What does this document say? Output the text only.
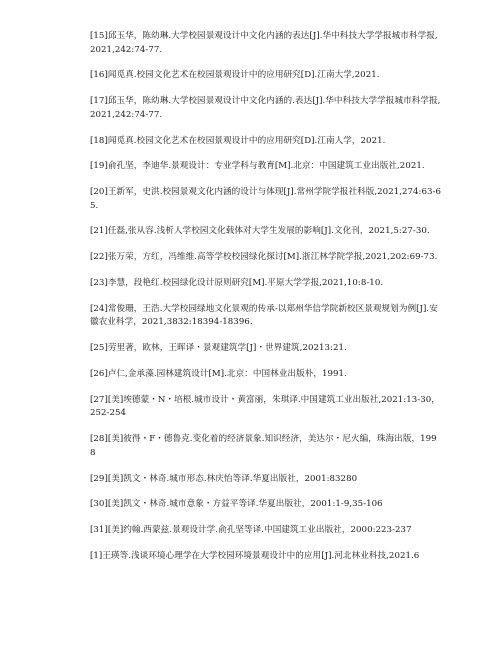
[15]邱玉华，陈幼琳.大学校园景观设计中文化内涵的表达[J].华中科技大学学报城市科学报,2021,242:74-77.

[16]闻觅真.校园文化艺术在校园景观设计中的应用研究[D].江南大学,2021.

[17]邱玉华，陈幼琳.大学校园景观设计中文化内涵的.表达[J].华中科技大学学报城市科学报,2021,242:74-77.

[18]闻觅真.校园文化艺术在校园景观设计中的应用研究[D].江南人学，2021.

[19]俞孔坚，李迪华.景观设计：专业学科与教育[M].北京：中国建筑工业出版社,2021.

[20]王新军，史洪.校园景观文化内涵的设计与体现[J].常州学院学报社科版,2021,274:63-65.

[21]任磊,张从容.浅析人学校园文化载体对大学生发展的影响[J].文化刊，2021,5:27-30.

[22]张万荣，方红，冯维维.高等学校校园绿化探讨[M].浙江林学院学报,2021,202:69-73.

[23]李慧，段艳红.校园绿化设计原则研究[M].平原大学学报,2021,10:8-10.

[24]常俊珊，王浩.大学校园绿地文化景观的传承-以郑州华信学院新校区景观规划为例[J].安徽农业科学，2021,3832:18394-18396.

[25]劳里著，欧林，王晖译・景观建筑学[J]・世界建筑,20213:21.

[26]卢仁,金承藻.园林建筑设计[M].北京：中国林业出版朴，1991.

[27][美]埃德蒙・N・培根.城市设计・黄富丽，朱琪译.中国建筑工业出版社,2021:13-30，252-254

[28][美]彼得・F・德鲁克.变化着的经济景象.知识经济，美达尔・尼火编，珠海出版，1998

[29][美]凯文・林奇.城市形态.林庆怡等译.华夏出版社，2001:83280

[30][美]凯文・林奇.城市意象・方益平等译.华夏出版社，2001:1-9,35-106

[31][美]约翰.西蒙兹.景观设计学.俞孔坚等译.中国建筑工业出版社，2000:223-237

[1]王瑛等.浅谈环境心理学在大学校园环境景观设计中的应用[J].河北林业科技,2021.6
